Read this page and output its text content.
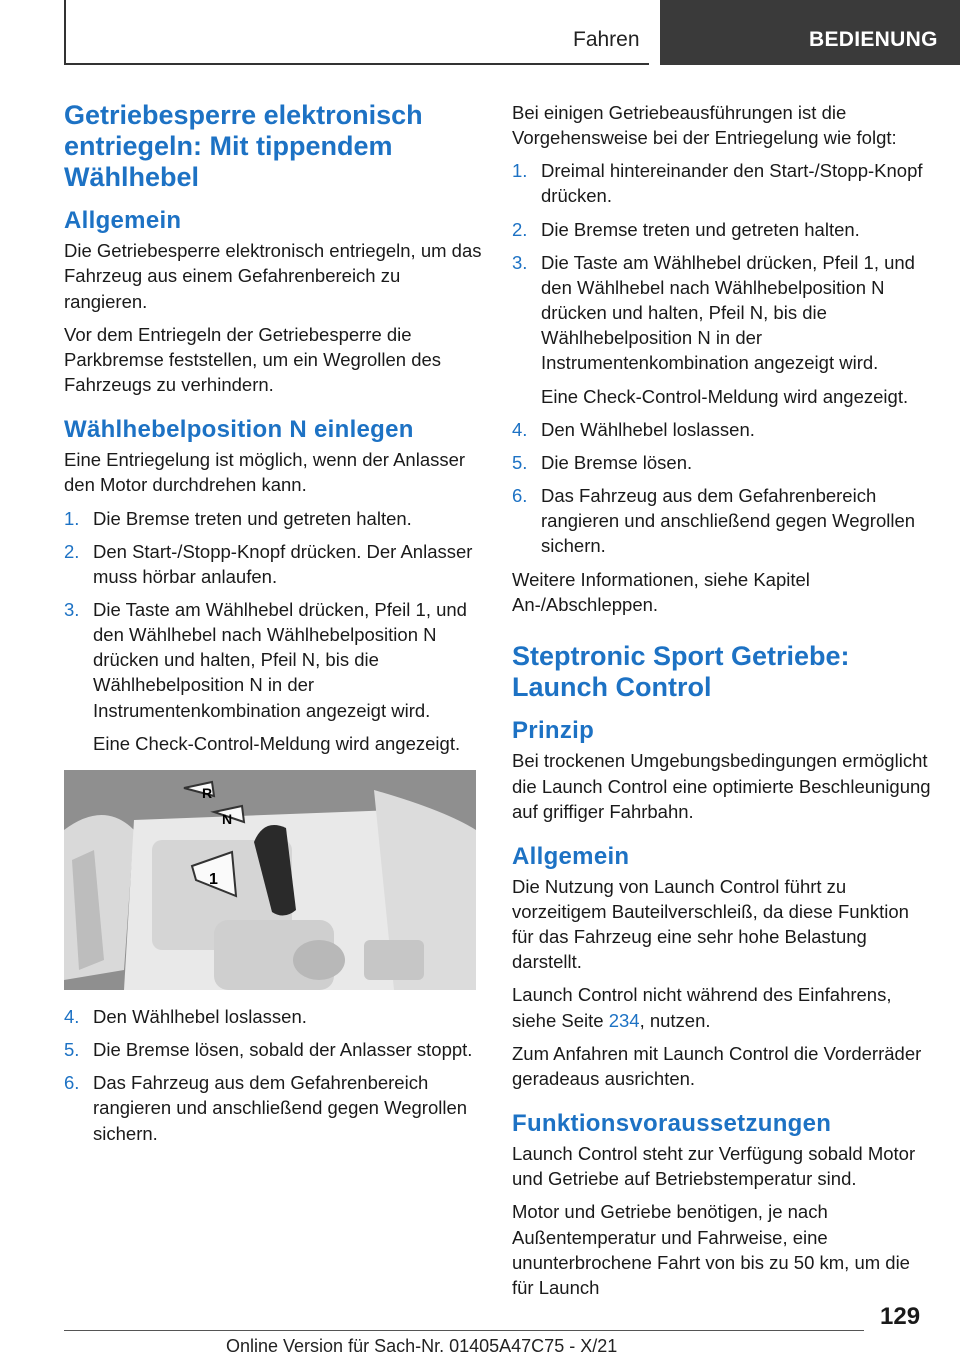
Fahren	BEDIENUNG
Getriebesperre elektronisch entriegeln: Mit tippendem Wählhebel
Allgemein

Die Getriebesperre elektronisch entriegeln, um das Fahrzeug aus einem Gefahrenbereich zu rangieren.

Vor dem Entriegeln der Getriebesperre die Parkbremse feststellen, um ein Wegrollen des Fahrzeugs zu verhindern.

Wählhebelposition N einlegen

Eine Entriegelung ist möglich, wenn der Anlasser den Motor durchdrehen kann.

1. Die Bremse treten und getreten halten.
2. Den Start-/Stopp-Knopf drücken. Der Anlasser muss hörbar anlaufen.
3. Die Taste am Wählhebel drücken, Pfeil 1, und den Wählhebel nach Wählhebelposition N drücken und halten, Pfeil N, bis die Wählhebelposition N in der Instrumentenkombination angezeigt wird.
Eine Check-Control-Meldung wird angezeigt.
R
N
1
4. Den Wählhebel loslassen.
5. Die Bremse lösen, sobald der Anlasser stoppt.
6. Das Fahrzeug aus dem Gefahrenbereich rangieren und anschließend gegen Wegrollen sichern.

Bei einigen Getriebeausführungen ist die Vorgehensweise bei der Entriegelung wie folgt:

1. Dreimal hintereinander den Start-/Stopp-Knopf drücken.
2. Die Bremse treten und getreten halten.
3. Die Taste am Wählhebel drücken, Pfeil 1, und den Wählhebel nach Wählhebelposition N drücken und halten, Pfeil N, bis die Wählhebelposition N in der Instrumentenkombination angezeigt wird.
Eine Check-Control-Meldung wird angezeigt.
4. Den Wählhebel loslassen.
5. Die Bremse lösen.
6. Das Fahrzeug aus dem Gefahrenbereich rangieren und anschließend gegen Wegrollen sichern.

Weitere Informationen, siehe Kapitel An-/Abschleppen.

Steptronic Sport Getriebe: Launch Control
Prinzip

Bei trockenen Umgebungsbedingungen ermöglicht die Launch Control eine optimierte Beschleunigung auf griffiger Fahrbahn.

Allgemein

Die Nutzung von Launch Control führt zu vorzeitigem Bauteilverschleiß, da diese Funktion für das Fahrzeug eine sehr hohe Belastung darstellt.

Launch Control nicht während des Einfahrens, siehe Seite 234, nutzen.

Zum Anfahren mit Launch Control die Vorderräder geradeaus ausrichten.

Funktionsvoraussetzungen

Launch Control steht zur Verfügung sobald Motor und Getriebe auf Betriebstemperatur sind.

Motor und Getriebe benötigen, je nach Außentemperatur und Fahrweise, eine ununterbrochene Fahrt von bis zu 50 km, um die für Launch

129
Online Version für Sach-Nr. 01405A47C75 - X/21
